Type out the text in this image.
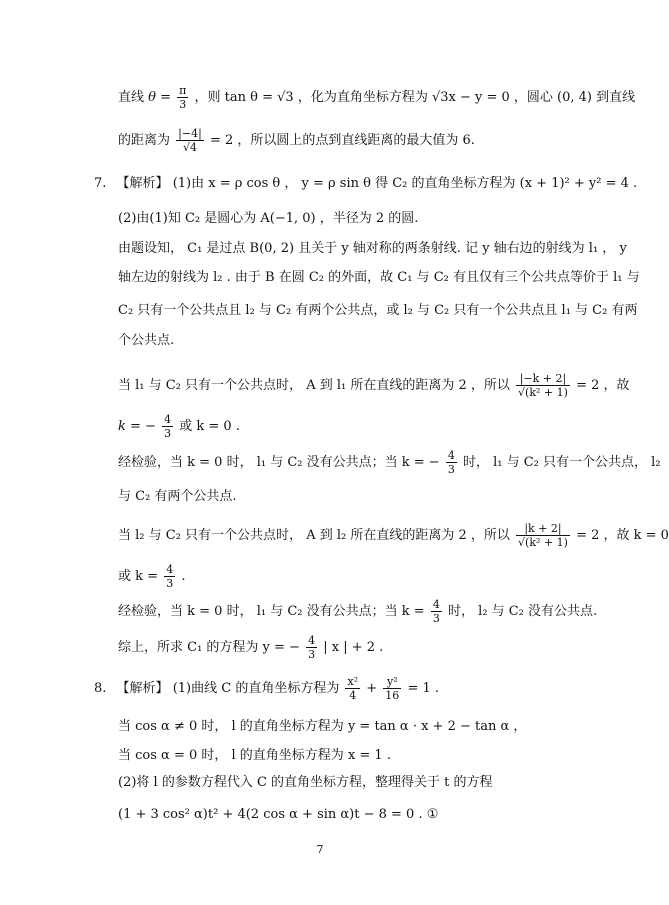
直线 $\theta = \frac{\pi}{3}$ ，则 tan θ = √3 ，化为直角坐标方程为 √3x − y = 0 ，圆心 (0, 4) 到直线
的距离为 $\frac{|-4|}{√4} = 2$ ，所以圆上的点到直线距离的最大值为 6.
7. 【解析】 (1)由 x = ρ cos θ ， y = ρ sin θ 得 C₂ 的直角坐标方程为 (x + 1)² + y² = 4 .
(2)由(1)知 C₂ 是圆心为 A(−1, 0) ，半径为 2 的圆.
由题设知， C₁ 是过点 B(0, 2) 且关于 y 轴对称的两条射线. 记 y 轴右边的射线为 l₁ ， y
轴左边的射线为 l₂ . 由于 B 在圆 C₂ 的外面，故 C₁ 与 C₂ 有且仅有三个公共点等价于 l₁ 与
C₂ 只有一个公共点且 l₂ 与 C₂ 有两个公共点，或 l₂ 与 C₂ 只有一个公共点且 l₁ 与 C₂ 有两
个公共点.
当 l₁ 与 C₂ 只有一个公共点时， A 到 l₁ 所在直线的距离为 2 ，所以 $\frac{|-k + 2|}{\text{√(k² + 1)}} = 2$ ，故
k = − $\frac{4}{3}$ 或 k = 0 .
经检验，当 k = 0 时， l₁ 与 C₂ 没有公共点；当 k = − $\frac{4}{3}$ 时， l₁ 与 C₂ 只有一个公共点， l₂
与 C₂ 有两个公共点.
当 l₂ 与 C₂ 只有一个公共点时， A 到 l₂ 所在直线的距离为 2 ，所以 $\frac{|k + 2|}{\text{√(k² + 1)}} = 2$ ，故 k = 0
或 $k = \frac{4}{3}$ .
经检验，当 k = 0 时， l₁ 与 C₂ 没有公共点；当 $k = \frac{4}{3}$ 时， l₂ 与 C₂ 没有公共点.
综上，所求 C₁ 的方程为 y = − $\frac{4}{3}$ | x | + 2 .
8. 【解析】 (1)曲线 C 的直角坐标方程为 $\frac{\text{x²}}{4} + \frac{\text{y²}}{16} = 1$ .
当 cos α ≠ 0 时， l 的直角坐标方程为 y = tan α · x + 2 − tan α ，
当 cos α = 0 时， l 的直角坐标方程为 x = 1 .
(2)将 l 的参数方程代入 C 的直角坐标方程，整理得关于 t 的方程
(1 + 3 cos² α)t² + 4(2 cos α + sin α)t − 8 = 0 . ①
7
